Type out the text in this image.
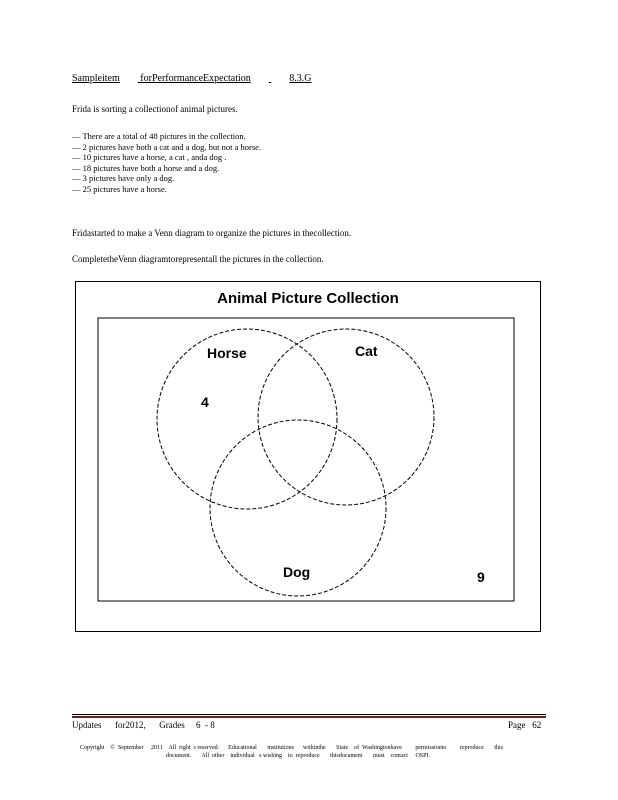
Sampleitem forPerformanceExpectation	8.3.G
Frida is sorting a collectionof animal pictures.
— There are a total of 48 pictures in the collection.
— 2 pictures have both a cat and a dog, but not a horse.
— 10 pictures have a horse, a cat , anda dog .
— 18 pictures have both a horse and a dog.
— 3 pictures have only a dog.
— 25 pictures have a horse.
Fridastarted to make a Venn diagram to organize the pictures in thecollection.
CompletetheVenn diagramtorepresentall the pictures in the collection.
Animal Picture Collection
Horse	Cat
Dog
4
9
Updates      for2012,      Grades     6  - 8	Page   62
Copyright    ©  September     2011    All  right  s reserved.      Educational       institutions      withinthe       State    of  Washingtonhave         permissionto         reproduce       this
document.       All  other    individual   s wishing    to  reproduce       thisdocument       must    contact     OSPI.
